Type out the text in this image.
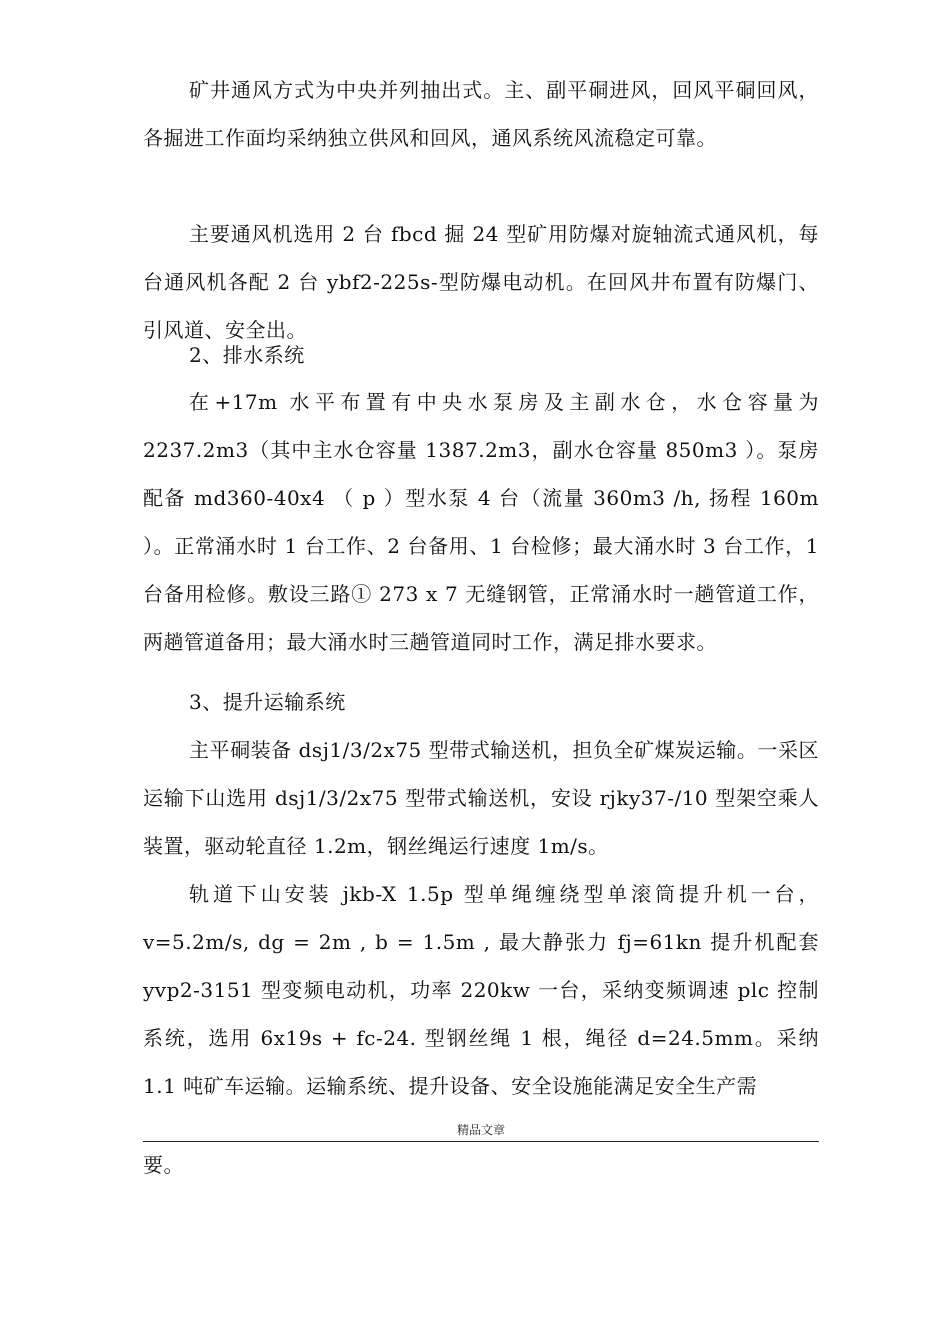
矿井通风方式为中央并列抽出式。主、副平硐进风，回风平硐回风，各掘进工作面均采纳独立供风和回风，通风系统风流稳定可靠。

主要通风机选用 2 台 fbcd 掘 24 型矿用防爆对旋轴流式通风机，每台通风机各配 2 台 ybf2-225s-型防爆电动机。在回风井布置有防爆门、引风道、安全出。

2、排水系统

在+17m 水平布置有中央水泵房及主副水仓，水仓容量为 2237.2m3（其中主水仓容量 1387.2m3，副水仓容量 850m3 ）。泵房配备 md360-40x4 （ p ）型水泵 4 台（流量 360m3 /h, 扬程 160m ）。正常涌水时 1 台工作、2 台备用、1 台检修；最大涌水时 3 台工作，1 台备用检修。敷设三路① 273 x 7 无缝钢管，正常涌水时一趟管道工作，两趟管道备用；最大涌水时三趟管道同时工作，满足排水要求。

3、提升运输系统

主平硐装备 dsj1/3/2x75 型带式输送机，担负全矿煤炭运输。一采区运输下山选用 dsj1/3/2x75 型带式输送机，安设 rjky37-/10 型架空乘人装置，驱动轮直径 1.2m，钢丝绳运行速度 1m/s。

轨道下山安装 jkb-X 1.5p 型单绳缠绕型单滚筒提升机一台，v=5.2m/s, dg = 2m , b = 1.5m , 最大静张力 fj=61kn 提升机配套 yvp2-3151 型变频电动机，功率 220kw 一台，采纳变频调速 plc 控制系统，选用 6x19s + fc-24. 型钢丝绳 1 根，绳径 d=24.5mm。采纳 1.1 吨矿车运输。运输系统、提升设备、安全设施能满足安全生产需

精品文章

要。
